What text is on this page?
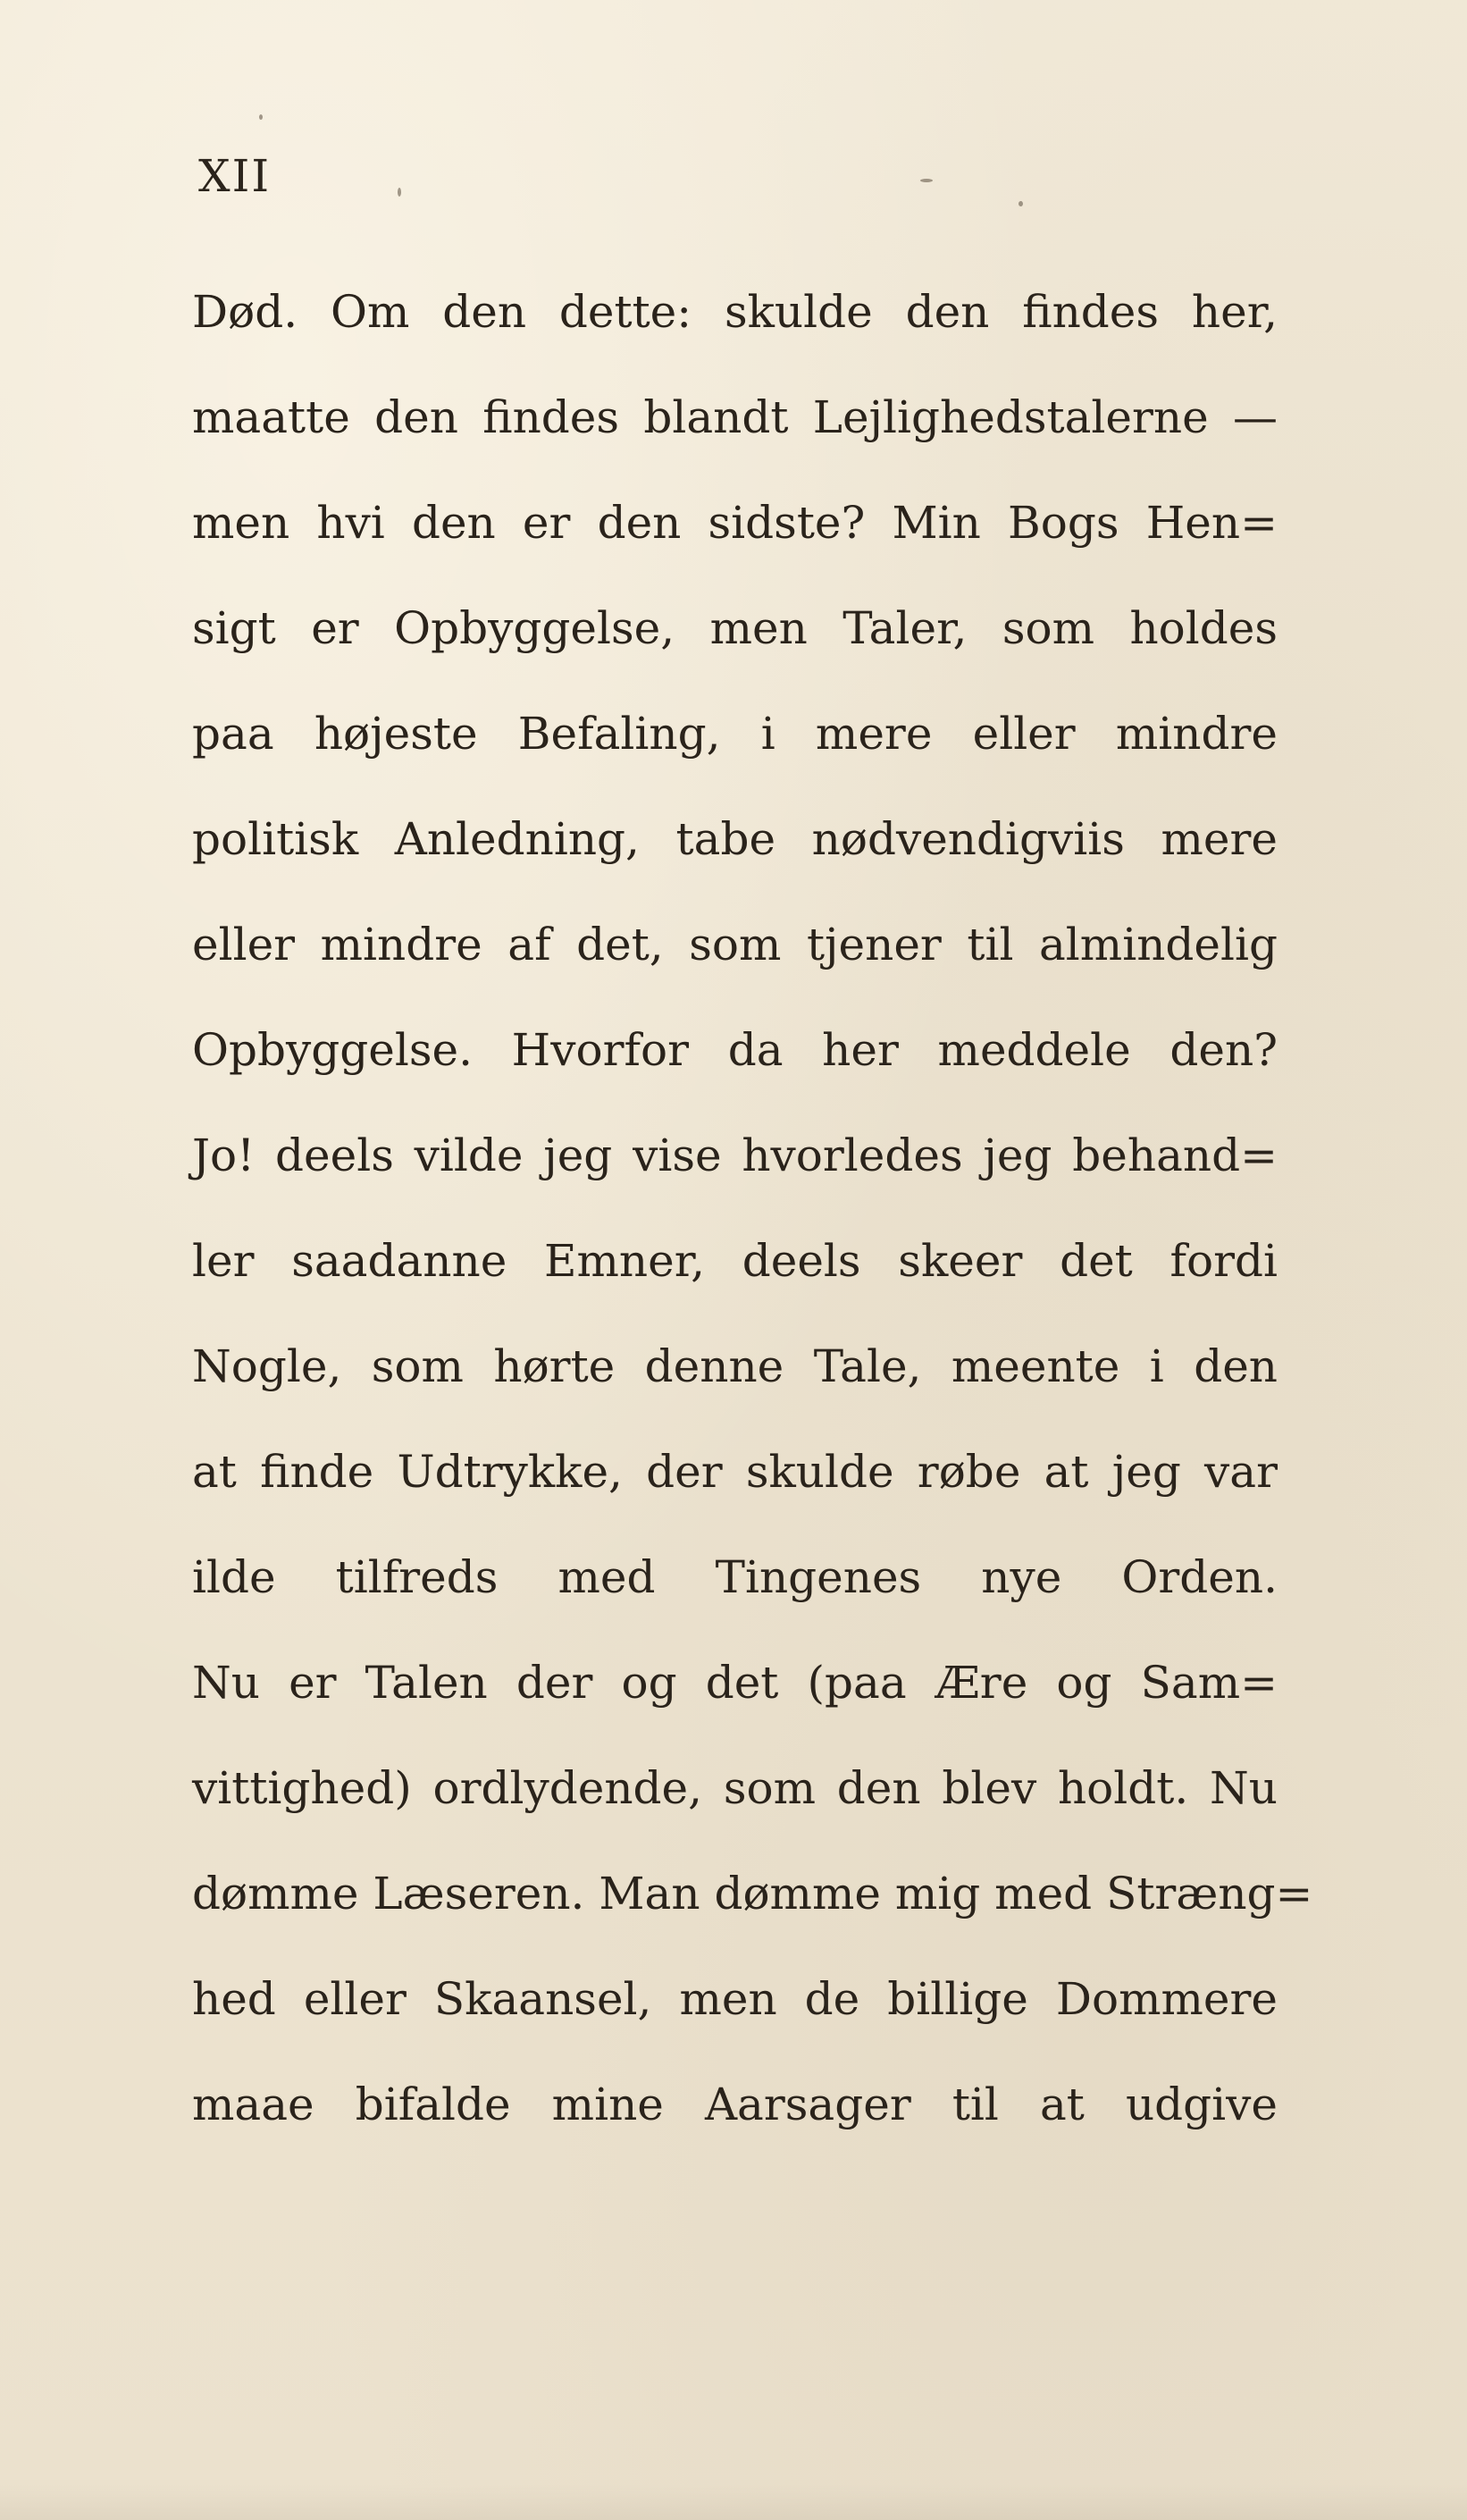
XII
Død. Om den dette: skulde den findes her,
maatte den findes blandt Lejlighedstalerne —
men hvi den er den sidste? Min Bogs Hen=
sigt er Opbyggelse, men Taler, som holdes
paa højeste Befaling, i mere eller mindre
politisk Anledning, tabe nødvendigviis mere
eller mindre af det, som tjener til almindelig
Opbyggelse. Hvorfor da her meddele den?
Jo! deels vilde jeg vise hvorledes jeg behand=
ler saadanne Emner, deels skeer det fordi
Nogle, som hørte denne Tale, meente i den
at finde Udtrykke, der skulde røbe at jeg var
ilde tilfreds med Tingenes nye Orden.
Nu er Talen der og det (paa Ære og Sam=
vittighed) ordlydende, som den blev holdt. Nu
dømme Læseren. Man dømme mig med Stræng=
hed eller Skaansel, men de billige Dommere
maae bifalde mine Aarsager til at udgive
